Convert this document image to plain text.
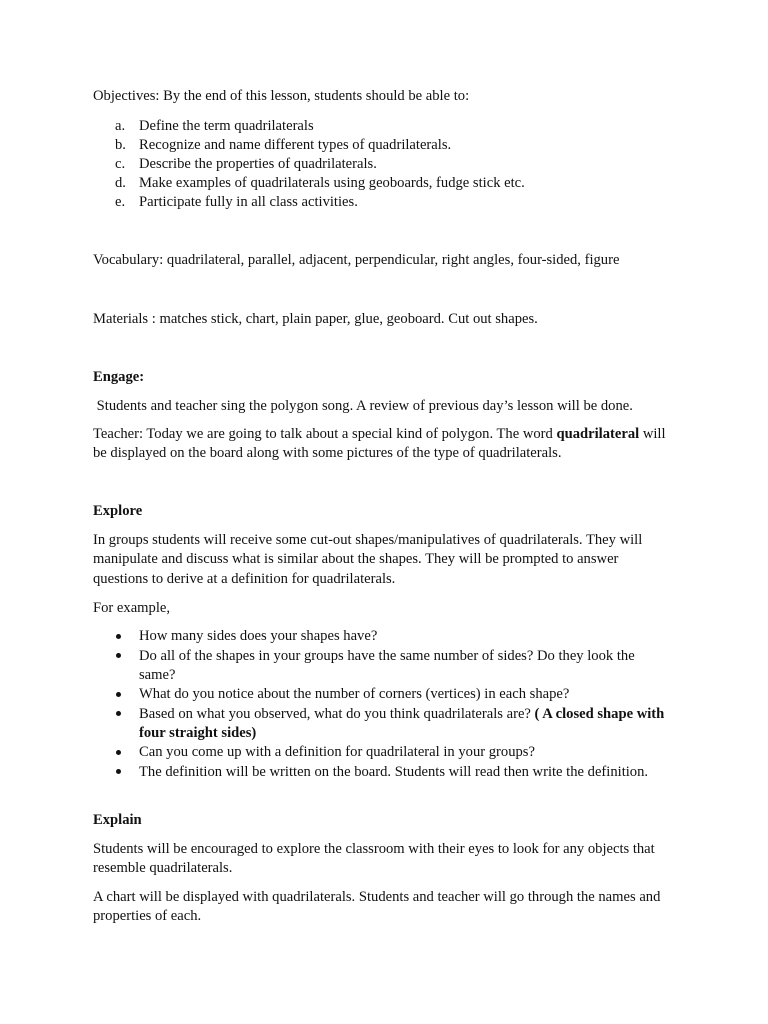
Objectives: By the end of this lesson, students should be able to:
a. Define the term quadrilaterals
b. Recognize and name different types of quadrilaterals.
c. Describe the properties of quadrilaterals.
d. Make examples of quadrilaterals using geoboards, fudge stick etc.
e. Participate fully in all class activities.
Vocabulary: quadrilateral, parallel, adjacent, perpendicular, right angles, four-sided, figure
Materials : matches stick, chart, plain paper, glue, geoboard. Cut out shapes.
Engage:
Students and teacher sing the polygon song. A review of previous day’s lesson will be done.
Teacher: Today we are going to talk about a special kind of polygon. The word quadrilateral will be displayed on the board along with some pictures of the type of quadrilaterals.
Explore
In groups students will receive some cut-out shapes/manipulatives of quadrilaterals. They will manipulate and discuss what is similar about the shapes. They will be prompted to answer questions to derive at a definition for quadrilaterals.
For example,
How many sides does your shapes have?
Do all of the shapes in your groups have the same number of sides? Do they look the same?
What do you notice about the number of corners (vertices) in each shape?
Based on what you observed, what do you think quadrilaterals are? ( A closed shape with four straight sides)
Can you come up with a definition for quadrilateral in your groups?
The definition will be written on the board. Students will read then write the definition.
Explain
Students will be encouraged to explore the classroom with their eyes to look for any objects that resemble quadrilaterals.
A chart will be displayed with quadrilaterals. Students and teacher will go through the names and properties of each.
